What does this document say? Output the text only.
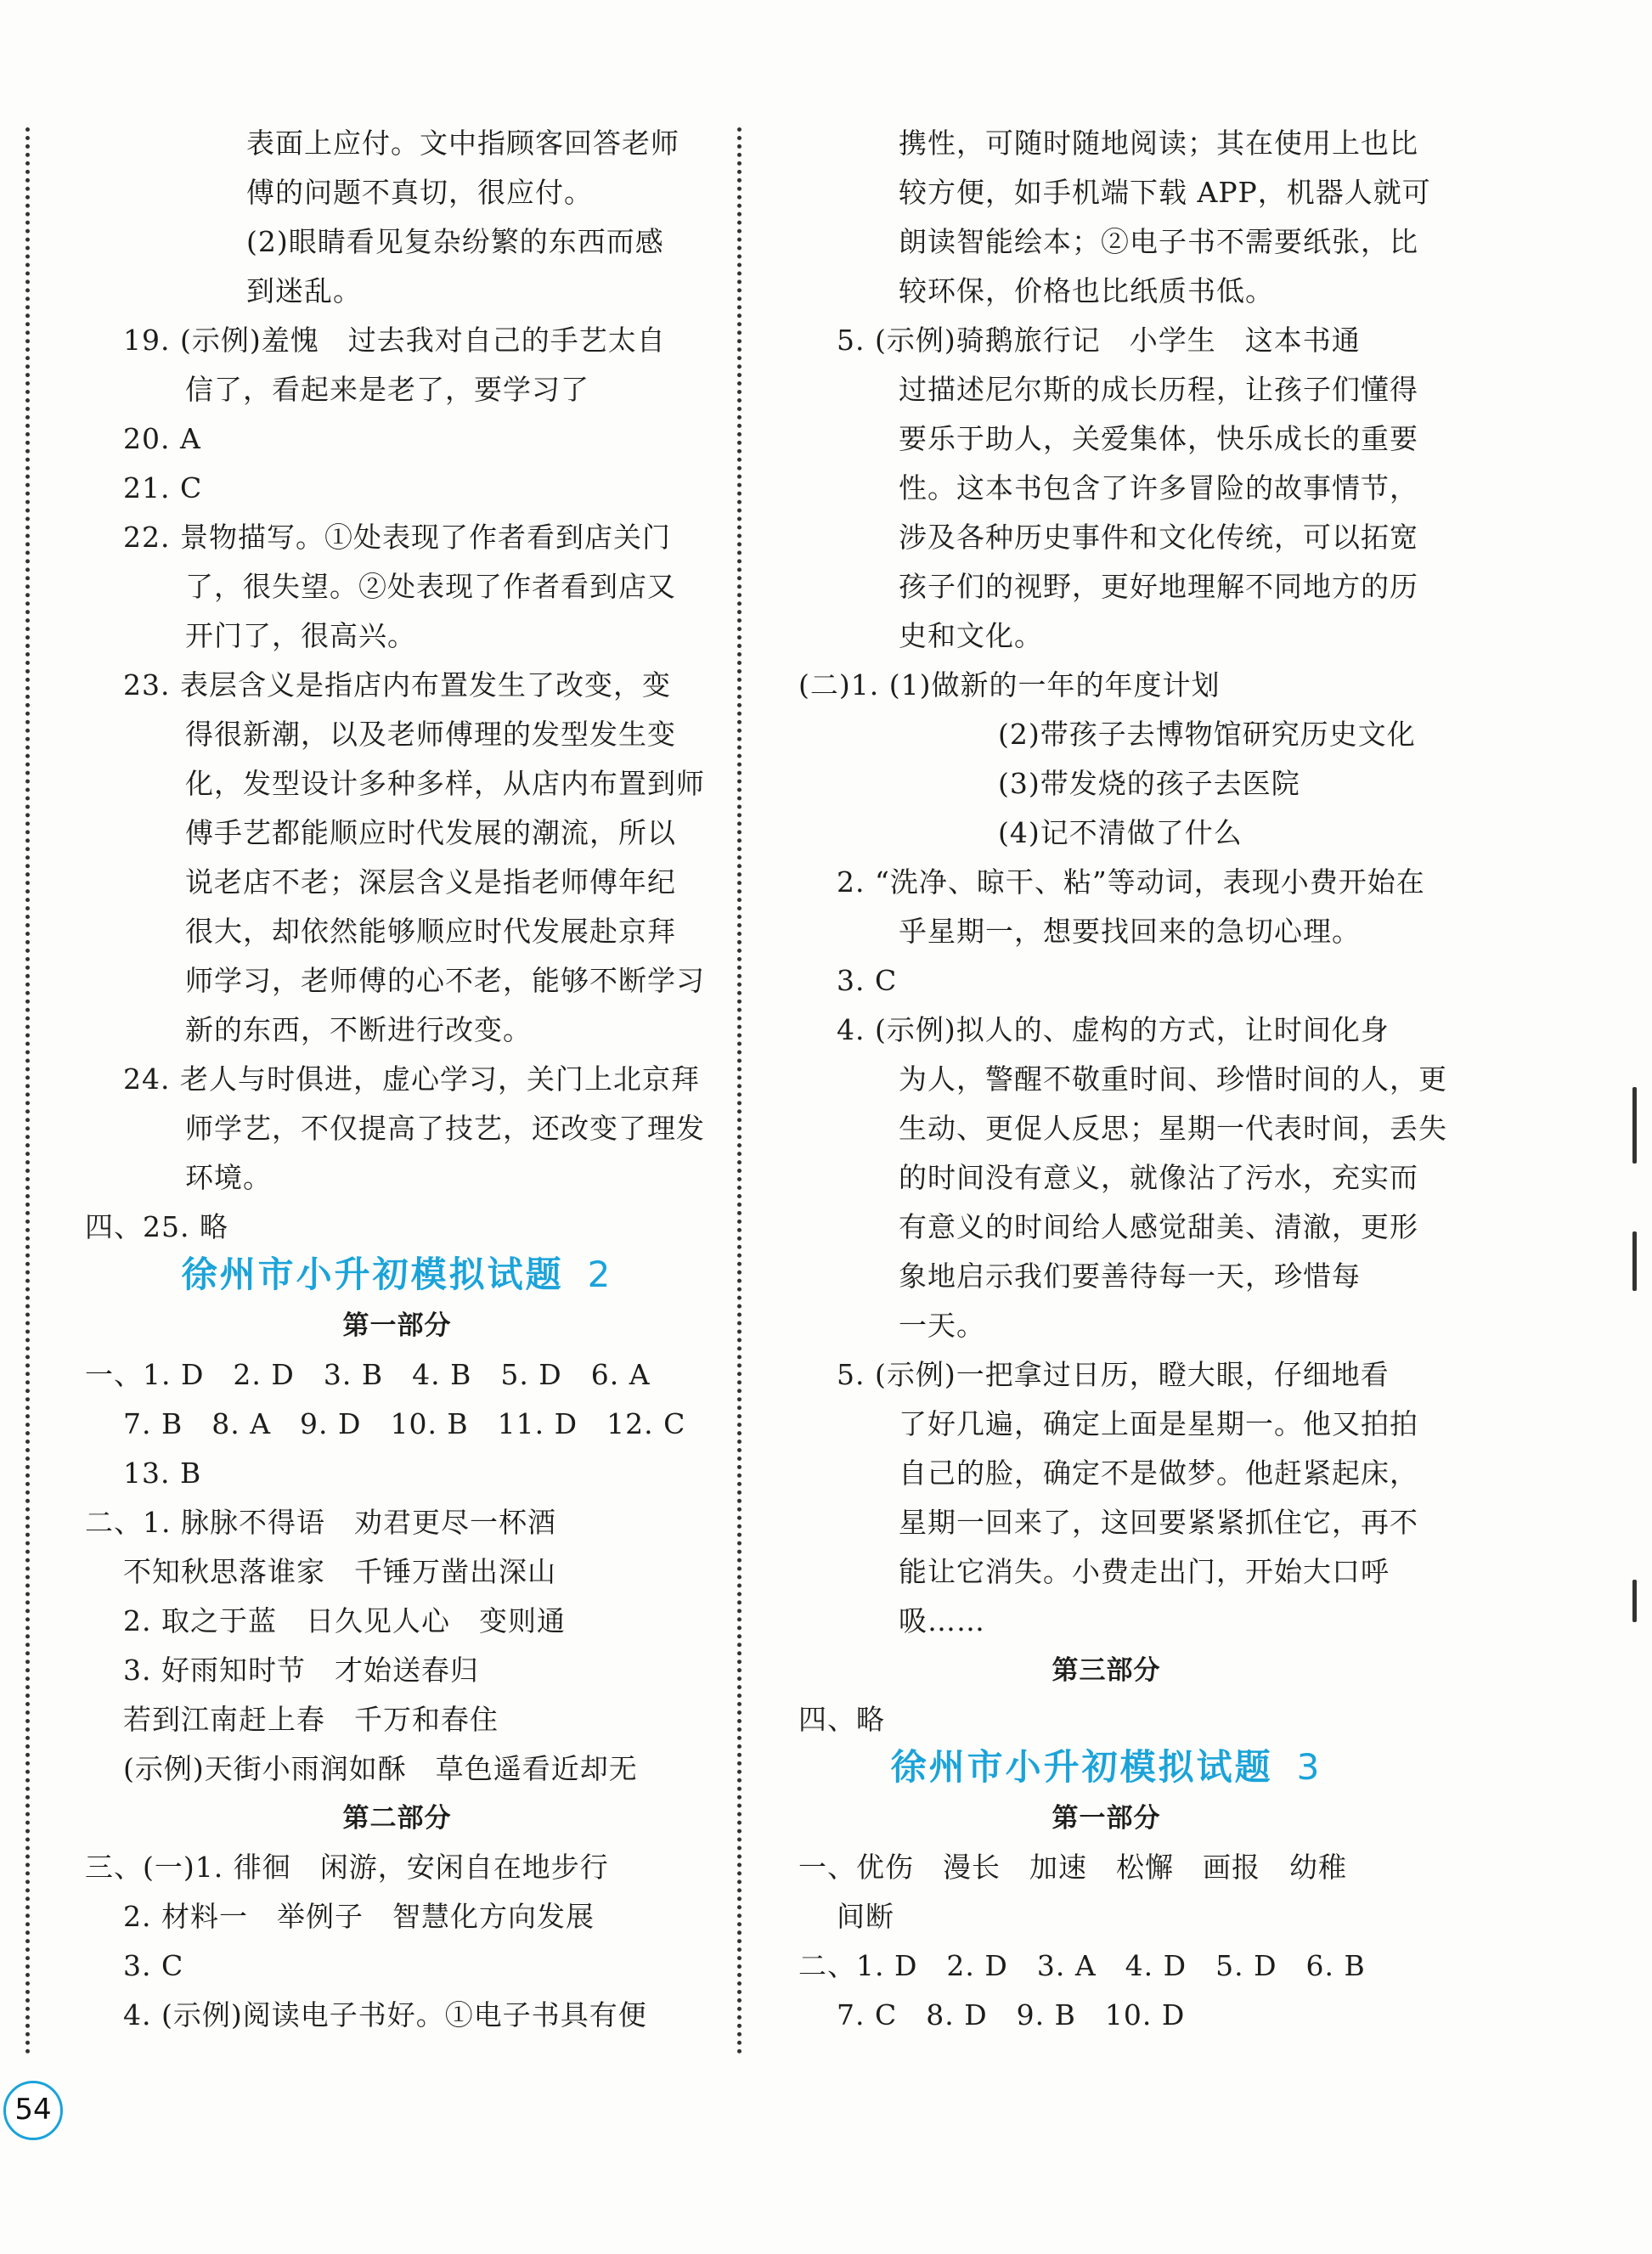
表面上应付。文中指顾客回答老师
傅的问题不真切，很应付。
(2)眼睛看见复杂纷繁的东西而感
到迷乱。
19. (示例)羞愧　过去我对自己的手艺太自
信了，看起来是老了，要学习了
20. A
21. C
22. 景物描写。①处表现了作者看到店关门
了，很失望。②处表现了作者看到店又
开门了，很高兴。
23. 表层含义是指店内布置发生了改变，变
得很新潮，以及老师傅理的发型发生变
化，发型设计多种多样，从店内布置到师
傅手艺都能顺应时代发展的潮流，所以
说老店不老；深层含义是指老师傅年纪
很大，却依然能够顺应时代发展赴京拜
师学习，老师傅的心不老，能够不断学习
新的东西，不断进行改变。
24. 老人与时俱进，虚心学习，关门上北京拜
师学艺，不仅提高了技艺，还改变了理发
环境。
四、25. 略
徐州市小升初模拟试题 2
第一部分
一、1. D　2. D　3. B　4. B　5. D　6. A
7. B　8. A　9. D　10. B　11. D　12. C
13. B
二、1. 脉脉不得语　劝君更尽一杯酒
不知秋思落谁家　千锤万凿出深山
2. 取之于蓝　日久见人心　变则通
3. 好雨知时节　才始送春归
若到江南赶上春　千万和春住
(示例)天街小雨润如酥　草色遥看近却无
第二部分
三、(一)1. 徘徊　闲游，安闲自在地步行
2. 材料一　举例子　智慧化方向发展
3. C
4. (示例)阅读电子书好。①电子书具有便
携性，可随时随地阅读；其在使用上也比
较方便，如手机端下载 APP，机器人就可
朗读智能绘本；②电子书不需要纸张，比
较环保，价格也比纸质书低。
5. (示例)骑鹅旅行记　小学生　这本书通
过描述尼尔斯的成长历程，让孩子们懂得
要乐于助人，关爱集体，快乐成长的重要
性。这本书包含了许多冒险的故事情节，
涉及各种历史事件和文化传统，可以拓宽
孩子们的视野，更好地理解不同地方的历
史和文化。
(二)1. (1)做新的一年的年度计划
(2)带孩子去博物馆研究历史文化
(3)带发烧的孩子去医院
(4)记不清做了什么
2. “洗净、晾干、粘”等动词，表现小费开始在
乎星期一，想要找回来的急切心理。
3. C
4. (示例)拟人的、虚构的方式，让时间化身
为人，警醒不敬重时间、珍惜时间的人，更
生动、更促人反思；星期一代表时间，丢失
的时间没有意义，就像沾了污水，充实而
有意义的时间给人感觉甜美、清澈，更形
象地启示我们要善待每一天，珍惜每
一天。
5. (示例)一把拿过日历，瞪大眼，仔细地看
了好几遍，确定上面是星期一。他又拍拍
自己的脸，确定不是做梦。他赶紧起床，
星期一回来了，这回要紧紧抓住它，再不
能让它消失。小费走出门，开始大口呼
吸……
第三部分
四、略
徐州市小升初模拟试题 3
第一部分
一、优伤　漫长　加速　松懈　画报　幼稚
间断
二、1. D　2. D　3. A　4. D　5. D　6. B
7. C　8. D　9. B　10. D
54
